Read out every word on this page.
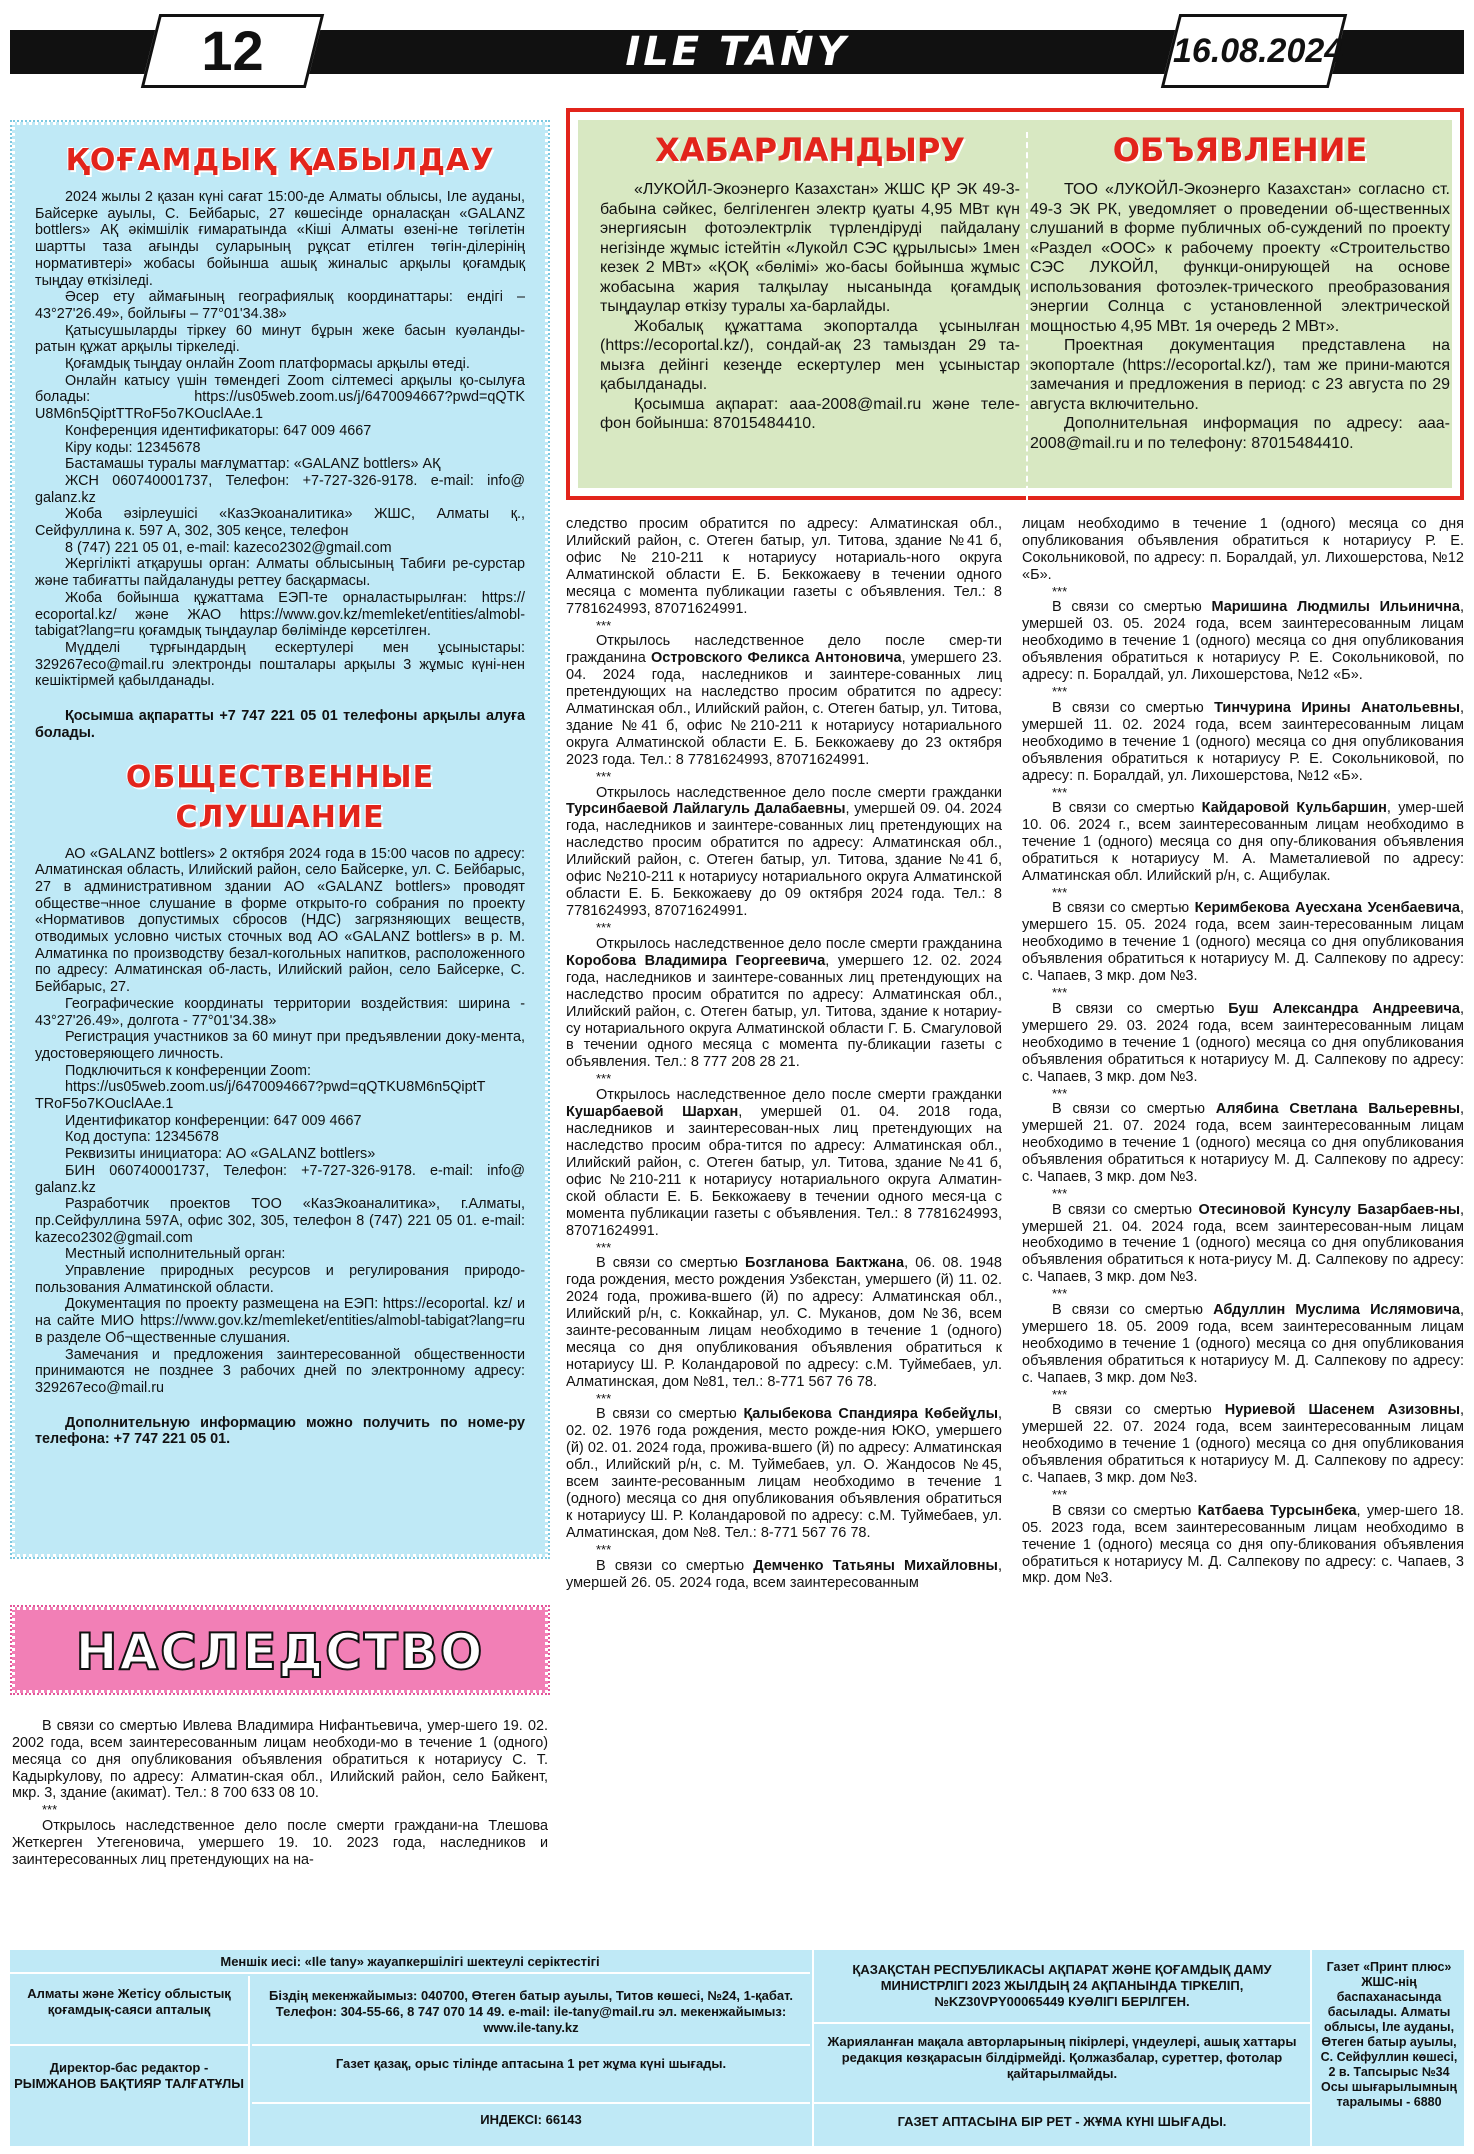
ILE TAŃY
12	16.08.2024
ҚОҒАМДЫҚ ҚАБЫЛДАУ

2024 жылы 2 қазан күні сағат 15:00-де Алматы облысы, Іле ауданы, Байсерке ауылы, С. Бейбарыс, 27 көшесінде орналасқан «GALANZ bottlers» АҚ әкімшілік ғимаратында «Кіші Алматы өзені-не төгілетін шартты таза ағынды суларының рұқсат етілген төгін-ділерінің нормативтері» жобасы бойынша ашық жиналыс арқылы қоғамдық тыңдау өткізіледі.

Әсер ету аймағының географиялық координаттары: ендігі – 43°27'26.49», бойлығы – 77°01'34.38»

Қатысушыларды тіркеу 60 минут бұрын жеке басын куәланды-ратын құжат арқылы тіркеледі.

Қоғамдық тыңдау онлайн Zoom платформасы арқылы өтеді.

Онлайн катысу үшін төмендегі Zoom сілтемесі арқылы қо-сылуға болады: https://us05web.zoom.us/j/6470094667?pwd=qQTK U8M6n5QiptTTRoF5o7KOuclAAe.1

Конференция идентификаторы: 647 009 4667

Кіру коды: 12345678

Бастамашы туралы мағлұматтар: «GALANZ bottlers» АҚ

ЖСН 060740001737, Телефон: +7-727-326-9178. e-mail: info@ galanz.kz

Жоба әзірлеушісі «КазЭкоаналитика» ЖШС, Алматы қ., Сейфуллина к. 597 А, 302, 305 кеңсе, телефон

8 (747) 221 05 01, e-mail: kazeco2302@gmail.com

Жергілікті атқарушы орган: Алматы облысының Табиғи ре-сурстар және табиғатты пайдалануды реттеу басқармасы.

Жоба бойынша құжаттама ЕЭП-те орналастырылған: https:// ecoportal.kz/ және ЖАО https://www.gov.kz/memleket/entities/almobl-tabigat?lang=ru қоғамдық тыңдаулар бөлімінде көрсетілген.

Мүдделі тұрғындардың ескертулері мен ұсыныстары: 329267eco@mail.ru электронды пошталары арқылы 3 жұмыс күні-нен кешіктірмей қабылданады.

Қосымша ақпаратты +7 747 221 05 01 телефоны арқылы алуға болады.

ОБЩЕСТВЕННЫЕ СЛУШАНИЕ

АО «GALANZ bottlers» 2 октября 2024 года в 15:00 часов по адресу: Алматинская область, Илийский район, село Байсерке, ул. С. Бейбарыс, 27 в административном здании АО «GALANZ bottlers» проводят обществе¬нное слушание в форме открыто-го собрания по проекту «Нормативов допустимых сбросов (НДС) загрязняющих веществ, отводимых условно чистых сточных вод АО «GALANZ bottlers» в р. М. Алматинка по производству безал-когольных напитков, расположенного по адресу: Алматинская об-ласть, Илийский район, село Байсерке, С. Бейбарыс, 27.

Географические координаты территории воздействия: ширина - 43°27'26.49», долгота - 77°01'34.38»

Регистрация участников за 60 минут при предъявлении доку-мента, удостоверяющего личность.

Подключиться к конференции Zoom:

https://us05web.zoom.us/j/6470094667?pwd=qQTKU8M6n5QiptT TRoF5o7KOuclAAe.1

Идентификатор конференции: 647 009 4667

Код доступа: 12345678

Реквизиты инициатора: АО «GALANZ bottlers»

БИН 060740001737, Телефон: +7-727-326-9178. e-mail: info@ galanz.kz

Разработчик проектов ТОО «КазЭкоаналитика», г.Алматы, пр.Сейфуллина 597А, офис 302, 305, телефон 8 (747) 221 05 01. e-mail: kazeco2302@gmail.com

Местный исполнительный орган:

Управление природных ресурсов и регулирования природо-пользования Алматинской области.

Документация по проекту размещена на ЕЭП: https://ecoportal. kz/ и на сайте МИО https://www.gov.kz/memleket/entities/almobl-tabigat?lang=ru в разделе Об¬щественные слушания.

Замечания и предложения заинтересованной общественности принимаются не позднее 3 рабочих дней по электронному адресу: 329267eco@mail.ru

Дополнительную информацию можно получить по номе-ру телефона: +7 747 221 05 01.

НАСЛЕДСТВО

В связи со смертью Ивлева Владимира Нифантьевича, умер-шего 19. 02. 2002 года, всем заинтересованным лицам необходи-мо в течение 1 (одного) месяца со дня опубликования объявления обратиться к нотариусу С. Т. Кадырkулову, по адресу: Алматин-ская обл., Илийский район, село Байкент, мкр. 3, здание (акимат). Тел.: 8 700 633 08 10.

***

Открылось наследственное дело после смерти граждани-на Тлешова Жеткерген Утегеновича, умершего 19. 10. 2023 года, наследников и заинтересованных лиц претендующих на на-

ХАБАРЛАНДЫРУ

«ЛУКОЙЛ-Экоэнерго Казахстан» ЖШС ҚР ЭК 49-3-бабына сәйкес, белгіленген электр қуаты 4,95 МВт күн энергиясын фотоэлектрлік түрлендіруді пайдалану негізінде жұмыс істейтін «Лукойл СЭС құрылысы» 1мен кезек 2 МВт» «ҚОҚ «бөлімі» жо-басы бойынша жұмыс жобасына жария талқылау нысанында қоғамдық тыңдаулар өткізу туралы ха-барлайды.

Жобалық құжаттама экопорталда ұсынылған (https://ecoportal.kz/), сондай-ақ 23 тамыздан 29 та-мызға дейінгі кезеңде ескертулер мен ұсыныстар қабылданады.

Қосымша ақпарат: aaa-2008@mail.ru және теле-фон бойынша: 87015484410.

ОБЪЯВЛЕНИЕ

ТОО «ЛУКОЙЛ-Экоэнерго Казахстан» согласно ст. 49-3 ЭК РК, уведомляет о проведении об-щественных слушаний в форме публичных об-суждений по проекту «Раздел «ООС» к рабочему проекту «Строительство СЭС ЛУКОЙЛ, функци-онирующей на основе использования фотоэлек-трического преобразования энергии Солнца с установленной электрической мощностью 4,95 МВт. 1я очередь 2 МВт».

Проектная документация представлена на экопортале (https://ecoportal.kz/), там же прини-маются замечания и предложения в период: с 23 августа по 29 августа включительно.

Дополнительная информация по адресу: aaa-2008@mail.ru и по телефону: 87015484410.

следство просим обратится по адресу: Алматинская обл., Илийский район, с. Отеген батыр, ул. Титова, здание №41 б, офис №210-211 к нотариусу нотариаль-ного округа Алматинской области Е. Б. Беккожаеву в течении одного месяца с момента публикации газеты с объявления. Тел.: 8 7781624993, 87071624991.

***

Открылось наследственное дело после смер-ти гражданина Островского Феликса Антоновича, умершего 23. 04. 2024 года, наследников и заинтере-сованных лиц претендующих на наследство просим обратится по адресу: Алматинская обл., Илийский район, с. Отеген батыр, ул. Титова, здание №41 б, офис №210-211 к нотариусу нотариального округа Алматинской области Е. Б. Беккожаеву до 23 октября 2023 года. Тел.: 8 7781624993, 87071624991.

***

Открылось наследственное дело после смерти гражданки Турсинбаевой Лайлагуль Далабаевны, умершей 09. 04. 2024 года, наследников и заинтере-сованных лиц претендующих на наследство просим обратится по адресу: Алматинская обл., Илийский район, с. Отеген батыр, ул. Титова, здание №41 б, офис №210-211 к нотариусу нотариального округа Алматинской области Е. Б. Беккожаеву до 09 октября 2024 года. Тел.: 8 7781624993, 87071624991.

***

Открылось наследственное дело после смерти гражданина Коробова Владимира Георгеевича, умершего 12. 02. 2024 года, наследников и заинтере-сованных лиц претендующих на наследство просим обратится по адресу: Алматинская обл., Илийский район, с. Отеген батыр, ул. Титова, здание к нотариу-су нотариального округа Алматинской области Г. Б. Смагуловой в течении одного месяца с момента пу-бликации газеты с объявления. Тел.: 8 777 208 28 21.

***

Открылось наследственное дело после смерти гражданки Кушарбаевой Шархан, умершей 01. 04. 2018 года, наследников и заинтересован-ных лиц претендующих на наследство просим обра-тится по адресу: Алматинская обл., Илийский район, с. Отеген батыр, ул. Титова, здание №41 б, офис №210-211 к нотариусу нотариального округа Алматин-ской области Е. Б. Беккожаеву в течении одного меся-ца с момента публикации газеты с объявления. Тел.: 8 7781624993, 87071624991.

***

В связи со смертью Бозгланова Бактжана, 06. 08. 1948 года рождения, место рождения Узбекстан, умершего (й) 11. 02. 2024 года, прожива-вшего (й) по адресу: Алматинская обл., Илийский р/н, с. Коккайнар, ул. С. Муканов, дом №36, всем заинте-ресованным лицам необходимо в течение 1 (одного) месяца со дня опубликования объявления обратиться к нотариусу Ш. Р. Коландаровой по адресу: с.М. Туймебаев, ул. Алматинская, дом №81, тел.: 8-771 567 76 78.

***

В связи со смертью Қалыбекова Спандияра Көбейұлы, 02. 02. 1976 года рождения, место рожде-ния ЮКО, умершего (й) 02. 01. 2024 года, прожива-вшего (й) по адресу: Алматинская обл., Илийский р/н, с. М. Туймебаев, ул. О. Жандосов №45, всем заинте-ресованным лицам необходимо в течение 1 (одного) месяца со дня опубликования объявления обратиться к нотариусу Ш. Р. Коландаровой по адресу: с.М. Туймебаев, ул. Алматинская, дом №8. Тел.: 8-771 567 76 78.

***

В связи со смертью Демченко Татьяны Михайловны, умершей 26. 05. 2024 года, всем заинтересованным

лицам необходимо в течение 1 (одного) месяца со дня опубликования объявления обратиться к нотариусу Р. Е. Сокольниковой, по адресу: п. Боралдай, ул. Лихошерстова, №12 «Б».

***

В связи со смертью Маришина Людмилы Ильинична, умершей 03. 05. 2024 года, всем заинтересованным лицам необходимо в течение 1 (одного) месяца со дня опубликования объявления обратиться к нотариусу Р. Е. Сокольниковой, по адресу: п. Боралдай, ул. Лихошерстова, №12 «Б».

***

В связи со смертью Тинчурина Ирины Анатольевны, умершей 11. 02. 2024 года, всем заинтересованным лицам необходимо в течение 1 (одного) месяца со дня опубликования объявления обратиться к нотариусу Р. Е. Сокольниковой, по адресу: п. Боралдай, ул. Лихошерстова, №12 «Б».

***

В связи со смертью Кайдаровой Кульбаршин, умер-шей 10. 06. 2024 г., всем заинтересованным лицам необходимо в течение 1 (одного) месяца со дня опу-бликования объявления обратиться к нотариусу М. А. Маметалиевой по адресу: Алматинская обл. Илийский р/н, с. Ащибулак.

***

В связи со смертью Керимбекова Ауесхана Усенбаевича, умершего 15. 05. 2024 года, всем заин-тересованным лицам необходимо в течение 1 (одного) месяца со дня опубликования объявления обратиться к нотариусу М. Д. Салпекову по адресу: с. Чапаев, 3 мкр. дом №3.

***

В связи со смертью Буш Александра Андреевича, умершего 29. 03. 2024 года, всем заинтересованным лицам необходимо в течение 1 (одного) месяца со дня опубликования объявления обратиться к нотариусу М. Д. Салпекову по адресу: с. Чапаев, 3 мкр. дом №3.

***

В связи со смертью Алябина Светлана Вальеревны, умершей 21. 07. 2024 года, всем заинтересованным лицам необходимо в течение 1 (одного) месяца со дня опубликования объявления обратиться к нотариусу М. Д. Салпекову по адресу: с. Чапаев, 3 мкр. дом №3.

***

В связи со смертью Отесиновой Кунсулу Базарбаев-ны, умершей 21. 04. 2024 года, всем заинтересован-ным лицам необходимо в течение 1 (одного) месяца со дня опубликования объявления обратиться к нота-риусу М. Д. Салпекову по адресу: с. Чапаев, 3 мкр. дом №3.

***

В связи со смертью Абдуллин Муслима Ислямовича, умершего 18. 05. 2009 года, всем заинтересованным лицам необходимо в течение 1 (одного) месяца со дня опубликования объявления обратиться к нотариусу М. Д. Салпекову по адресу: с. Чапаев, 3 мкр. дом №3.

***

В связи со смертью Нуриевой Шасенем Азизовны, умершей 22. 07. 2024 года, всем заинтересованным лицам необходимо в течение 1 (одного) месяца со дня опубликования объявления обратиться к нотариусу М. Д. Салпекову по адресу: с. Чапаев, 3 мкр. дом №3.

***

В связи со смертью Катбаева Турсынбека, умер-шего 18. 05. 2023 года, всем заинтересованным лицам необходимо в течение 1 (одного) месяца со дня опу-бликования объявления обратиться к нотариусу М. Д. Салпекову по адресу: с. Чапаев, 3 мкр. дом №3.

Меншік иесі: «Ile tany» жауапкершілігі шектеулі серіктестігі
Алматы және Жетісу облыстық қоғамдық-саяси апталық
Директор-бас редактор - РЫМЖАНОВ БАҚТИЯР ТАЛҒАТҰЛЫ
Біздің мекенжайымыз: 040700, Өтеген батыр ауылы, Титов көшесі, №24, 1-қабат. Телефон: 304-55-66, 8 747 070 14 49. e-mail: ile-tany@mail.ru эл. мекенжайымыз: www.ile-tany.kz
Газет қазақ, орыс тілінде аптасына 1 рет жұма күні шығады.
ИНДЕКСІ: 66143
ҚАЗАҚСТАН РЕСПУБЛИКАСЫ АҚПАРАТ ЖӘНЕ ҚОҒАМДЫҚ ДАМУ МИНИСТРЛІГІ 2023 ЖЫЛДЫҢ 24 АҚПАНЫНДА ТІРКЕЛІП, №KZ30VPY00065449 КУӘЛІГІ БЕРІЛГЕН.
Жарияланған мақала авторларының пікірлері, үндеулері, ашық хаттары редакция көзқарасын білдірмейді. Қолжазбалар, суреттер, фотолар қайтарылмайды.
ГАЗЕТ АПТАСЫНА БІР РЕТ - ЖҰМА КҮНІ ШЫҒАДЫ.
Газет «Принт плюс» ЖШС-нің баспаханасында басылады. Алматы облысы, Іле ауданы, Өтеген батыр ауылы, С. Сейфуллин көшесі, 2 в. Тапсырыс №34 Осы шығарылымның таралымы - 6880
